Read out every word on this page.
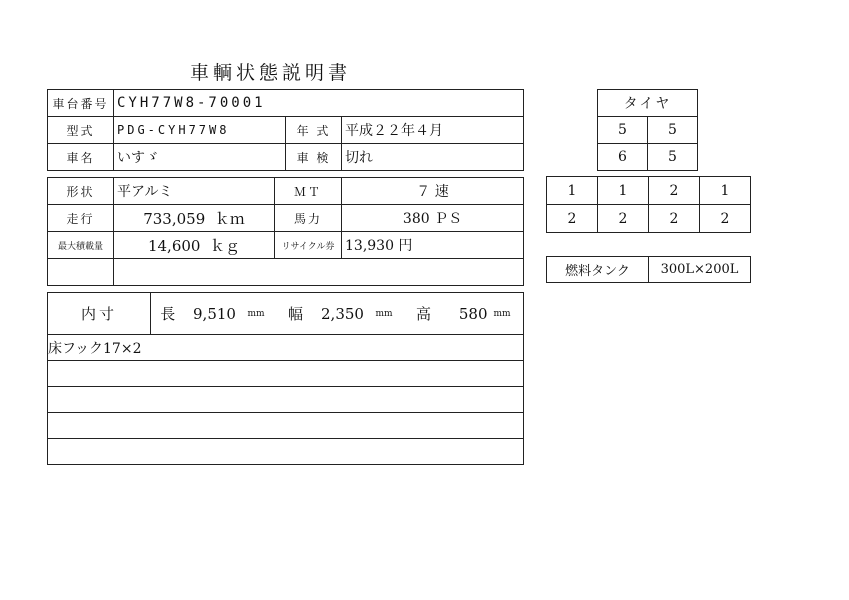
車輌状態説明書
車台番号	CYH77W8-70001		
型式	PDG-CYH77W8	年 式	平成２２年４月
車名	いすゞ	車 検	切れ
形状	平アルミ	ＭＴ	７ 速
走行	733,059 ｋｍ	馬力	380 ＰＳ
最大積載量	14,600 ｋｇ	リサイクル券	13,930 円

内寸	長	9,510	mm	幅	2,350	mm	高	580	mm
床フック17×2

タイヤ	
5	5
6	5
1	1	2	1
2	2	2	2
燃料タンク	300L×200L
